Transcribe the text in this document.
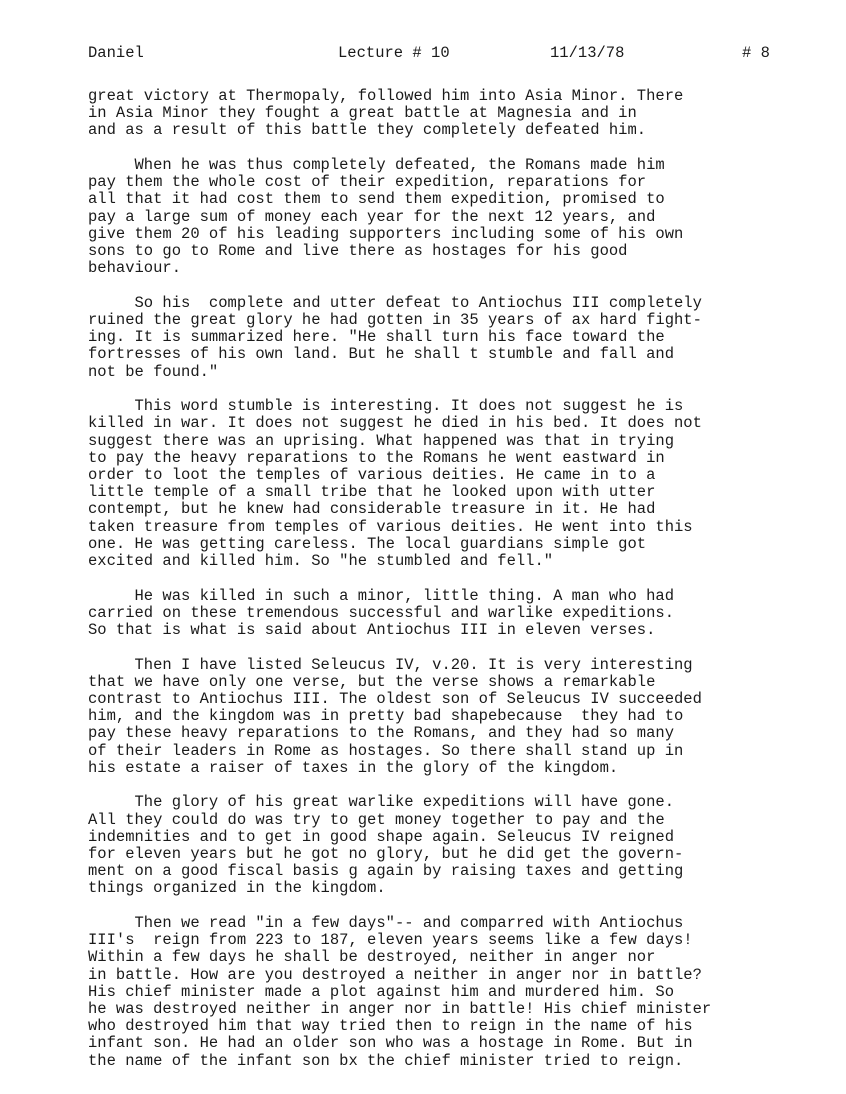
Daniel	Lecture # 10	11/13/78	# 8
great victory at Thermopaly, followed him into Asia Minor. There
in Asia Minor they fought a great battle at Magnesia and in
and as a result of this battle they completely defeated him.
When he was thus completely defeated, the Romans made him
pay them the whole cost of their expedition, reparations for
all that it had cost them to send them expedition, promised to
pay a large sum of money each year for the next 12 years, and
give them 20 of his leading supporters including some of his own
sons to go to Rome and live there as hostages for his good
behaviour.
So his  complete and utter defeat to Antiochus III completely
ruined the great glory he had gotten in 35 years of ax hard fight-
ing. It is summarized here. "He shall turn his face toward the
fortresses of his own land. But he shall t stumble and fall and
not be found."
This word stumble is interesting. It does not suggest he is
killed in war. It does not suggest he died in his bed. It does not
suggest there was an uprising. What happened was that in trying
to pay the heavy reparations to the Romans he went eastward in
order to loot the temples of various deities. He came in to a
little temple of a small tribe that he looked upon with utter
contempt, but he knew had considerable treasure in it. He had
taken treasure from temples of various deities. He went into this
one. He was getting careless. The local guardians simple got
excited and killed him. So "he stumbled and fell."
He was killed in such a minor, little thing. A man who had
carried on these tremendous successful and warlike expeditions.
So that is what is said about Antiochus III in eleven verses.
Then I have listed Seleucus IV, v.20. It is very interesting
that we have only one verse, but the verse shows a remarkable
contrast to Antiochus III. The oldest son of Seleucus IV succeeded
him, and the kingdom was in pretty bad shapebecause  they had to
pay these heavy reparations to the Romans, and they had so many
of their leaders in Rome as hostages. So there shall stand up in
his estate a raiser of taxes in the glory of the kingdom.
The glory of his great warlike expeditions will have gone.
All they could do was try to get money together to pay and the
indemnities and to get in good shape again. Seleucus IV reigned
for eleven years but he got no glory, but he did get the govern-
ment on a good fiscal basis g again by raising taxes and getting
things organized in the kingdom.
Then we read "in a few days"-- and comparred with Antiochus
III's  reign from 223 to 187, eleven years seems like a few days!
Within a few days he shall be destroyed, neither in anger nor
in battle. How are you destroyed a neither in anger nor in battle?
His chief minister made a plot against him and murdered him. So
he was destroyed neither in anger nor in battle! His chief minister
who destroyed him that way tried then to reign in the name of his
infant son. He had an older son who was a hostage in Rome. But in
the name of the infant son bx the chief minister tried to reign.
